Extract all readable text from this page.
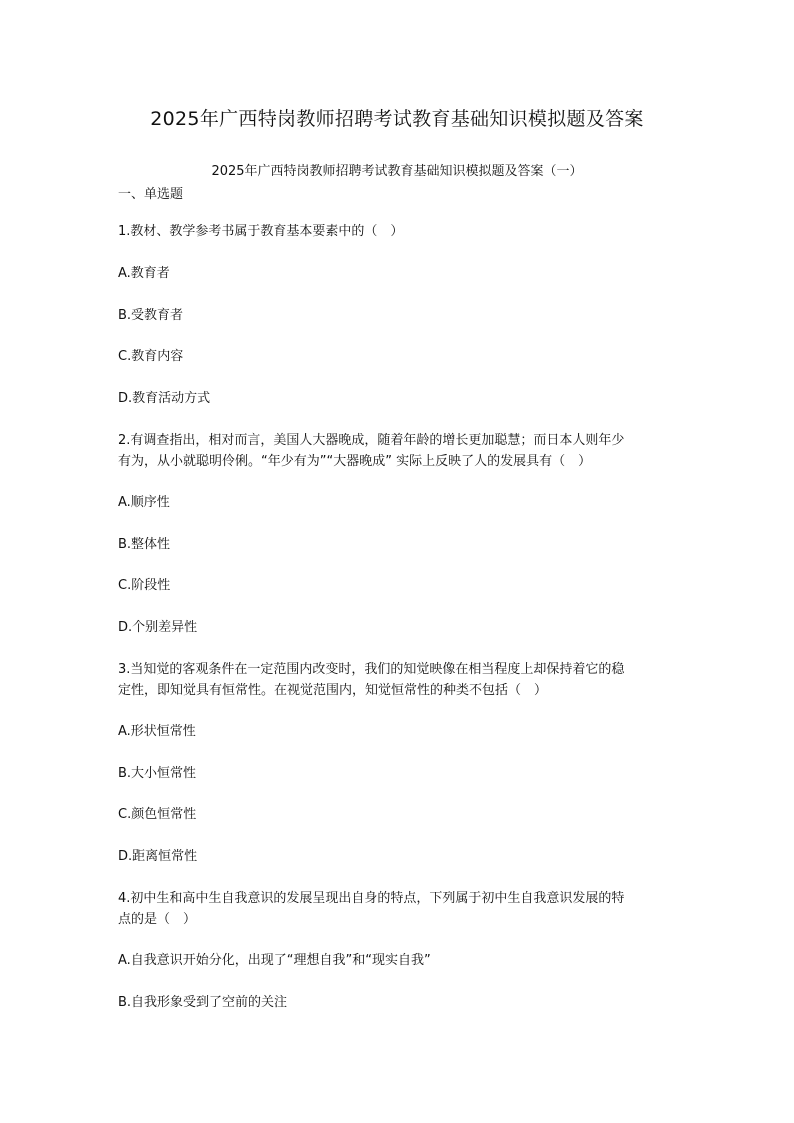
2025年广西特岗教师招聘考试教育基础知识模拟题及答案
2025年广西特岗教师招聘考试教育基础知识模拟题及答案（一）
一、单选题
1.教材、教学参考书属于教育基本要素中的（　）
A.教育者
B.受教育者
C.教育内容
D.教育活动方式
2.有调查指出，相对而言，美国人大器晚成，随着年龄的增长更加聪慧；而日本人则年少
有为，从小就聪明伶俐。“年少有为”“大器晚成” 实际上反映了人的发展具有（　）
A.顺序性
B.整体性
C.阶段性
D.个别差异性
3.当知觉的客观条件在一定范围内改变时，我们的知觉映像在相当程度上却保持着它的稳
定性，即知觉具有恒常性。在视觉范围内，知觉恒常性的种类不包括（　）
A.形状恒常性
B.大小恒常性
C.颜色恒常性
D.距离恒常性
4.初中生和高中生自我意识的发展呈现出自身的特点，下列属于初中生自我意识发展的特
点的是（　）
A.自我意识开始分化，出现了“理想自我”和“现实自我”
B.自我形象受到了空前的关注
